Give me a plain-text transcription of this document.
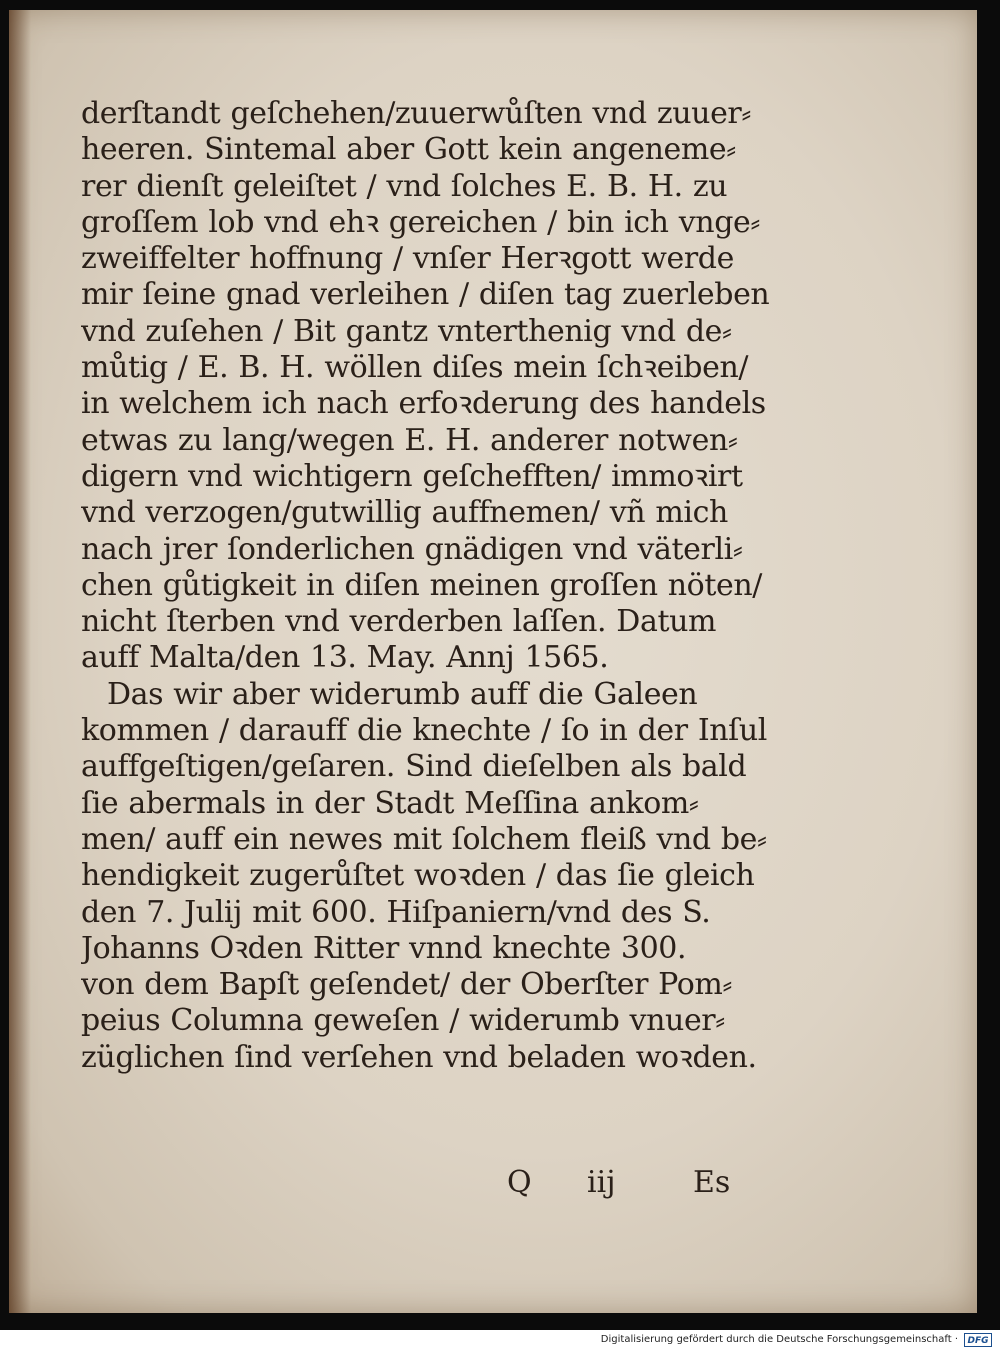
derſtandt geſchehen/zuuerwůſten vnd zuuer⸗
heeren. Sintemal aber Gott kein angeneme⸗
rer dienſt geleiſtet / vnd ſolches E. B. H. zu
groſſem lob vnd ehꝛ gereichen / bin ich vnge⸗
zweiffelter hoffnung / vnſer Herꝛgott werde
mir ſeine gnad verleihen / diſen tag zuerleben
vnd zuſehen / Bit gantz vnterthenig vnd de⸗
můtig / E. B. H. wöllen diſes mein ſchꝛeiben/
in welchem ich nach erfoꝛderung des handels
etwas zu lang/wegen E. H. anderer notwen⸗
digern vnd wichtigern geſchefften/ immoꝛirt
vnd verzogen/gutwillig auffnemen/ vñ mich
nach jrer ſonderlichen gnädigen vnd väterli⸗
chen gůtigkeit in diſen meinen groſſen nöten/
nicht ſterben vnd verderben laſſen. Datum
auff Malta/den 13. May. Annj 1565.
Das wir aber widerumb auff die Galeen
kommen / darauff die knechte / ſo in der Inſul
auffgeſtigen/geſaren. Sind dieſelben als bald
ſie abermals in der Stadt Meſſina ankom⸗
men/ auff ein newes mit ſolchem fleiß vnd be⸗
hendigkeit zugerůſtet woꝛden / das ſie gleich
den 7. Julij mit 600. Hiſpaniern/vnd des S.
Johanns Oꝛden Ritter vnnd knechte 300.
von dem Bapſt geſendet/ der Oberſter Pom⸗
peius Columna geweſen / widerumb vnuer⸗
züglichen ſind verſehen vnd beladen woꝛden.
Q iij	Es
Digitalisierung gefördert durch die Deutsche Forschungsgemeinschaft ·	DFG
